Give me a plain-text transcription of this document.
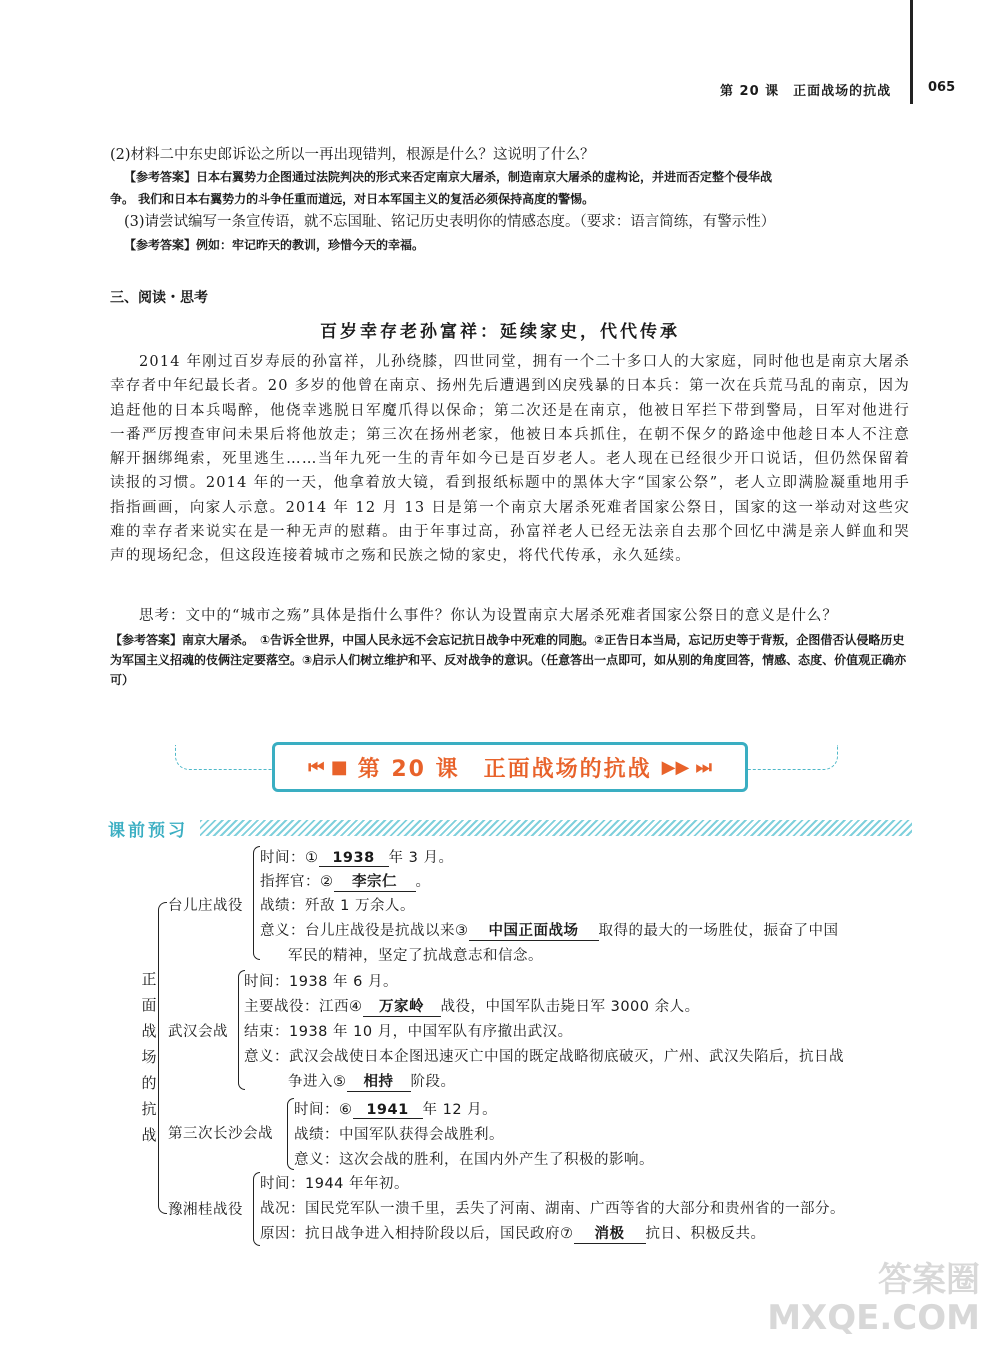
第 20 课　正面战场的抗战	065
(2)材料二中东史郎诉讼之所以一再出现错判，根源是什么？这说明了什么？
【参考答案】日本右翼势力企图通过法院判决的形式来否定南京大屠杀，制造南京大屠杀的虚构论，并进而否定整个侵华战
争。 我们和日本右翼势力的斗争任重而道远，对日本军国主义的复活必须保持高度的警惕。
(3)请尝试编写一条宣传语，就不忘国耻、铭记历史表明你的情感态度。（要求：语言简练，有警示性）
【参考答案】例如：牢记昨天的教训，珍惜今天的幸福。
三、阅读・思考
百岁幸存老孙富祥：延续家史，代代传承
2014 年刚过百岁寿辰的孙富祥，儿孙绕膝，四世同堂，拥有一个二十多口人的大家庭，同时他也是南京大屠杀幸存者中年纪最长者。20 多岁的他曾在南京、扬州先后遭遇到凶戾残暴的日本兵：第一次在兵荒马乱的南京，因为追赶他的日本兵喝醉，他侥幸逃脱日军魔爪得以保命；第二次还是在南京，他被日军拦下带到警局，日军对他进行一番严厉搜查审问未果后将他放走；第三次在扬州老家，他被日本兵抓住，在朝不保夕的路途中他趁日本人不注意解开捆绑绳索，死里逃生……当年九死一生的青年如今已是百岁老人。老人现在已经很少开口说话，但仍然保留着读报的习惯。2014 年的一天，他拿着放大镜，看到报纸标题中的黑体大字“国家公祭”，老人立即满脸凝重地用手指指画画，向家人示意。2014 年 12 月 13 日是第一个南京大屠杀死难者国家公祭日，国家的这一举动对这些灾难的幸存者来说实在是一种无声的慰藉。由于年事过高，孙富祥老人已经无法亲自去那个回忆中满是亲人鲜血和哭声的现场纪念，但这段连接着城市之殇和民族之恸的家史，将代代传承，永久延续。
思考：文中的“城市之殇”具体是指什么事件？你认为设置南京大屠杀死难者国家公祭日的意义是什么？
【参考答案】南京大屠杀。　①告诉全世界，中国人民永远不会忘记抗日战争中死难的同胞。②正告日本当局，忘记历史等于背叛，企图借否认侵略历史为军国主义招魂的伎俩注定要落空。③启示人们树立维护和平、反对战争的意识。（任意答出一点即可，如从别的角度回答，情感、态度、价值观正确亦可）
⏮ ■ 第 20 课　正面战场的抗战 ▶▶ ⏭
课前预习
正
面
战
场
的
抗
战
台儿庄战役
时间：① 1938 年 3 月。
指挥官：② 李宗仁 。
战绩：歼敌 1 万余人。
意义：台儿庄战役是抗战以来③ 中国正面战场 取得的最大的一场胜仗，振奋了中国
军民的精神，坚定了抗战意志和信念。
武汉会战
时间：1938 年 6 月。
主要战役：江西④ 万家岭 战役，中国军队击毙日军 3000 余人。
结束：1938 年 10 月，中国军队有序撤出武汉。
意义：武汉会战使日本企图迅速灭亡中国的既定战略彻底破灭，广州、武汉失陷后，抗日战
争进入⑤ 相持 阶段。
第三次长沙会战
时间：⑥ 1941 年 12 月。
战绩：中国军队获得会战胜利。
意义：这次会战的胜利，在国内外产生了积极的影响。
豫湘桂战役
时间：1944 年年初。
战况：国民党军队一溃千里，丢失了河南、湖南、广西等省的大部分和贵州省的一部分。
原因：抗日战争进入相持阶段以后，国民政府⑦ 消极 抗日、积极反共。
答案圈
MXQE.COM
